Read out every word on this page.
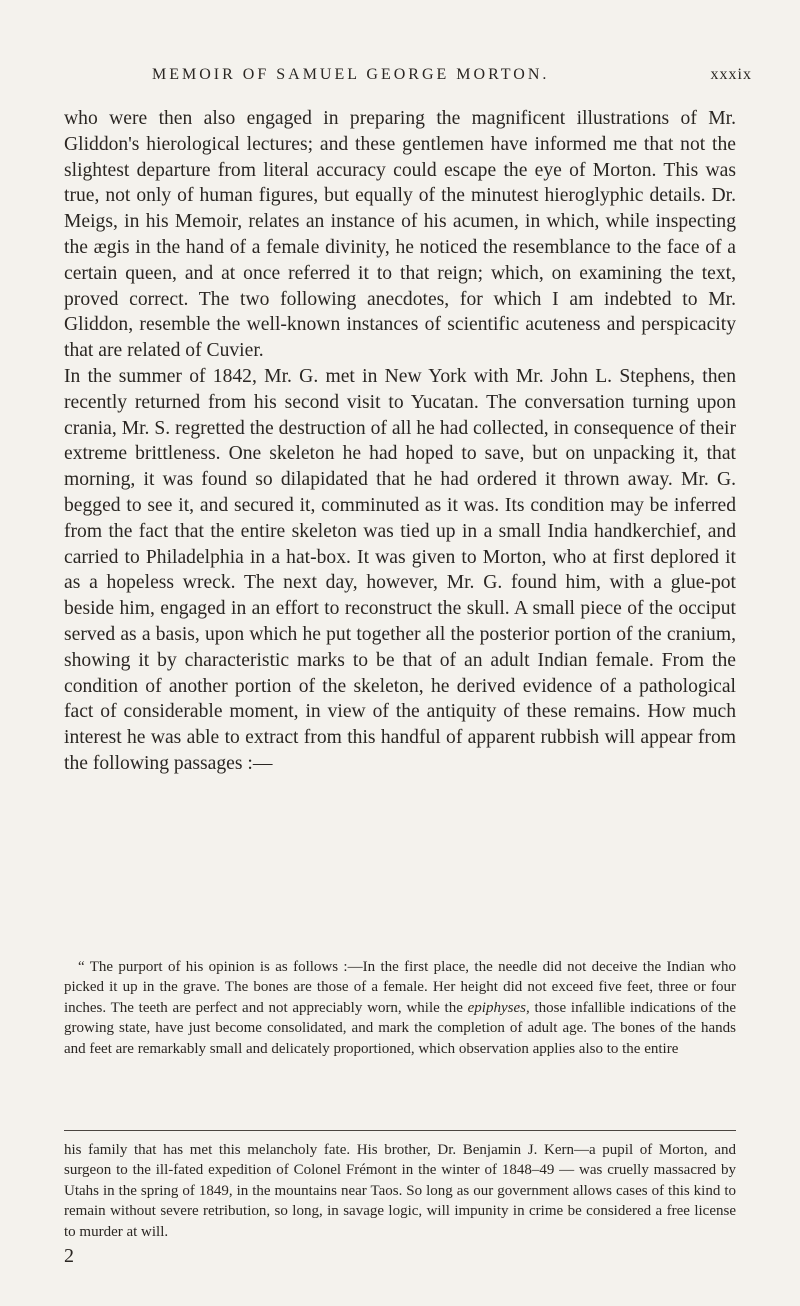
MEMOIR OF SAMUEL GEORGE MORTON.	xxxix

who were then also engaged in preparing the magnificent illustrations of Mr. Gliddon's hierological lectures; and these gentlemen have informed me that not the slightest departure from literal accuracy could escape the eye of Morton. This was true, not only of human figures, but equally of the minutest hieroglyphic details. Dr. Meigs, in his Memoir, relates an instance of his acumen, in which, while inspecting the ægis in the hand of a female divinity, he noticed the resemblance to the face of a certain queen, and at once referred it to that reign; which, on examining the text, proved correct. The two following anecdotes, for which I am indebted to Mr. Gliddon, resemble the well-known instances of scientific acuteness and perspicacity that are related of Cuvier.

In the summer of 1842, Mr. G. met in New York with Mr. John L. Stephens, then recently returned from his second visit to Yucatan. The conversation turning upon crania, Mr. S. regretted the destruction of all he had collected, in consequence of their extreme brittleness. One skeleton he had hoped to save, but on unpacking it, that morning, it was found so dilapidated that he had ordered it thrown away. Mr. G. begged to see it, and secured it, comminuted as it was. Its condition may be inferred from the fact that the entire skeleton was tied up in a small India handkerchief, and carried to Philadelphia in a hat-box. It was given to Morton, who at first deplored it as a hopeless wreck. The next day, however, Mr. G. found him, with a glue-pot beside him, engaged in an effort to reconstruct the skull. A small piece of the occiput served as a basis, upon which he put together all the posterior portion of the cranium, showing it by characteristic marks to be that of an adult Indian female. From the condition of another portion of the skeleton, he derived evidence of a pathological fact of considerable moment, in view of the antiquity of these remains. How much interest he was able to extract from this handful of apparent rubbish will appear from the following passages :—

“ The purport of his opinion is as follows :—In the first place, the needle did not deceive the Indian who picked it up in the grave. The bones are those of a female. Her height did not exceed five feet, three or four inches. The teeth are perfect and not appreciably worn, while the epiphyses, those infallible indications of the growing state, have just become consolidated, and mark the completion of adult age. The bones of the hands and feet are remarkably small and delicately proportioned, which observation applies also to the entire

his family that has met this melancholy fate. His brother, Dr. Benjamin J. Kern—a pupil of Morton, and surgeon to the ill-fated expedition of Colonel Frémont in the winter of 1848–49 — was cruelly massacred by Utahs in the spring of 1849, in the mountains near Taos. So long as our government allows cases of this kind to remain without severe retribution, so long, in savage logic, will impunity in crime be considered a free license to murder at will.

2
